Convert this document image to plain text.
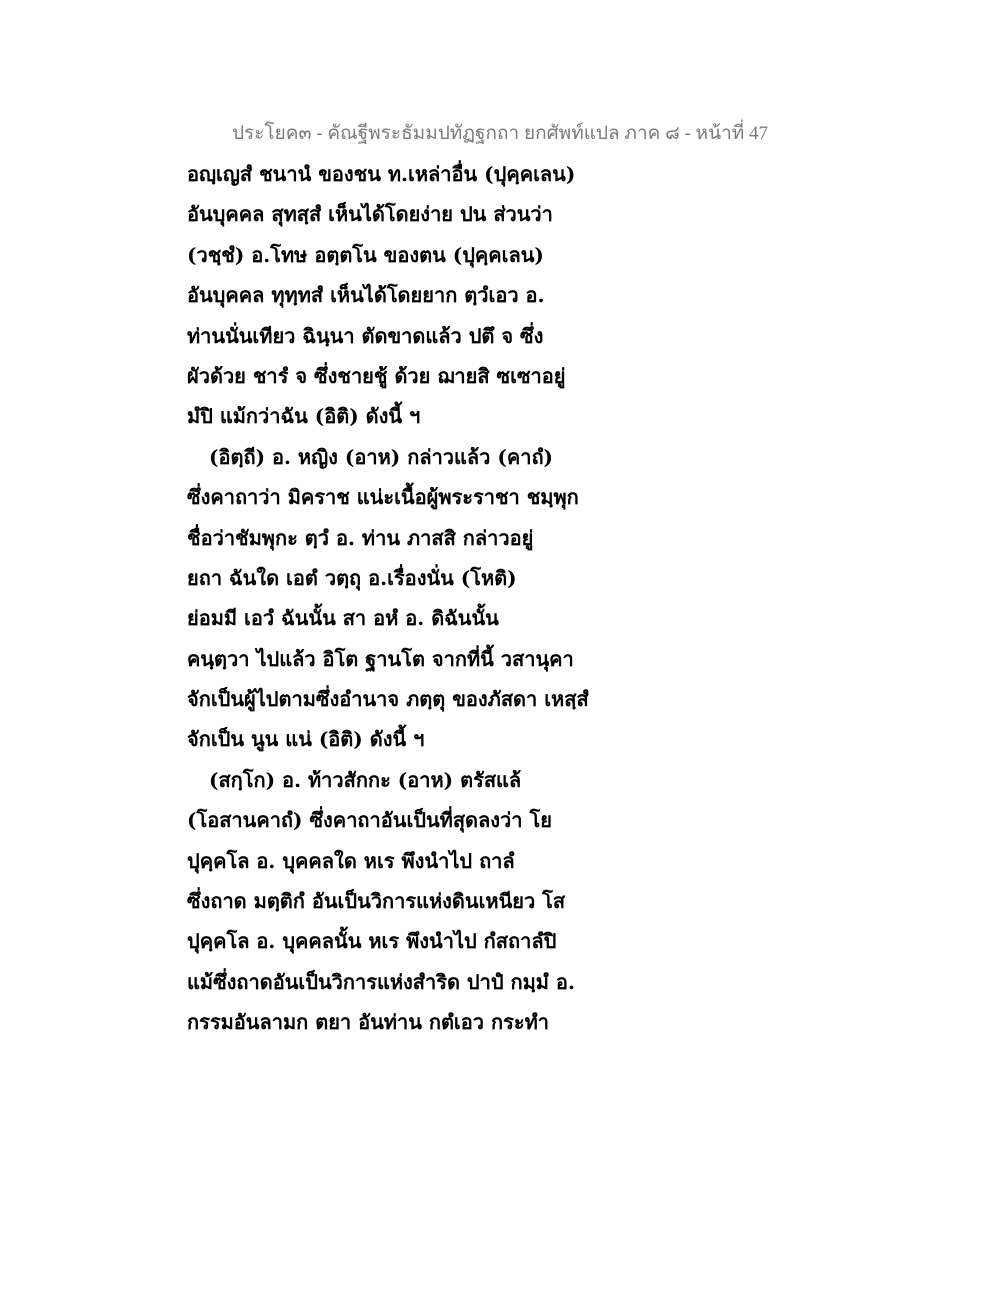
ประโยค๓ - คัณฐีพระธัมมปทัฏฐกถา ยกศัพท์แปล ภาค ๘ - หน้าที่ 47
อญฺเญสํ ชนานํ ของชน ท.เหล่าอื่น (ปุคฺคเลน)
อันบุคคล สุทสฺสํ เห็นได้โดยง่าย ปน ส่วนว่า
(วชฺชํ) อ.โทษ อตฺตโน ของตน (ปุคฺคเลน)
อันบุคคล ทุทฺทสํ เห็นได้โดยยาก ตฺวํเอว อ.
ท่านนั่นเทียว ฉินฺนา ตัดขาดแล้ว ปตึ จ ซึ่ง
ผัวด้วย ชารํ จ ซึ่งชายชู้ ด้วย ฌายสิ ซเซาอยู่
มํปิ แม้กว่าฉัน (อิติ) ดังนี้ ฯ
(อิตฺถี) อ. หญิง (อาห) กล่าวแล้ว (คาถํ)
ซึ่งคาถาว่า มิคราช แน่ะเนื้อผู้พระราชา ชมฺพุก
ชื่อว่าชัมพุกะ ตฺวํ อ. ท่าน ภาสสิ กล่าวอยู่
ยถา ฉันใด เอตํ วตฺถุ อ.เรื่องนั่น (โหติ)
ย่อมมี เอวํ ฉันนั้น สา อหํ อ. ดิฉันนั้น
คนฺตฺวา ไปแล้ว อิโต ฐานโต จากที่นี้ วสานุคา
จักเป็นผู้ไปตามซึ่งอำนาจ ภตฺตุ ของภัสดา เหสฺสํ
จักเป็น นูน แน่ (อิติ) ดังนี้ ฯ
(สกฺโก) อ. ท้าวสักกะ (อาห) ตรัสแล้
(โอสานคาถํ) ซึ่งคาถาอันเป็นที่สุดลงว่า โย
ปุคฺคโล อ. บุคคลใด หเร พึงนำไป ถาลํ
ซึ่งถาด มตฺติกํ อันเป็นวิการแห่งดินเหนียว โส
ปุคฺคโล อ. บุคคลนั้น หเร พึงนำไป กํสถาลํปิ
แม้ซึ่งถาดอันเป็นวิการแห่งสำริด ปาปํ กมฺมํ อ.
กรรมอันลามก ตยา อันท่าน กตํเอว กระทำ
